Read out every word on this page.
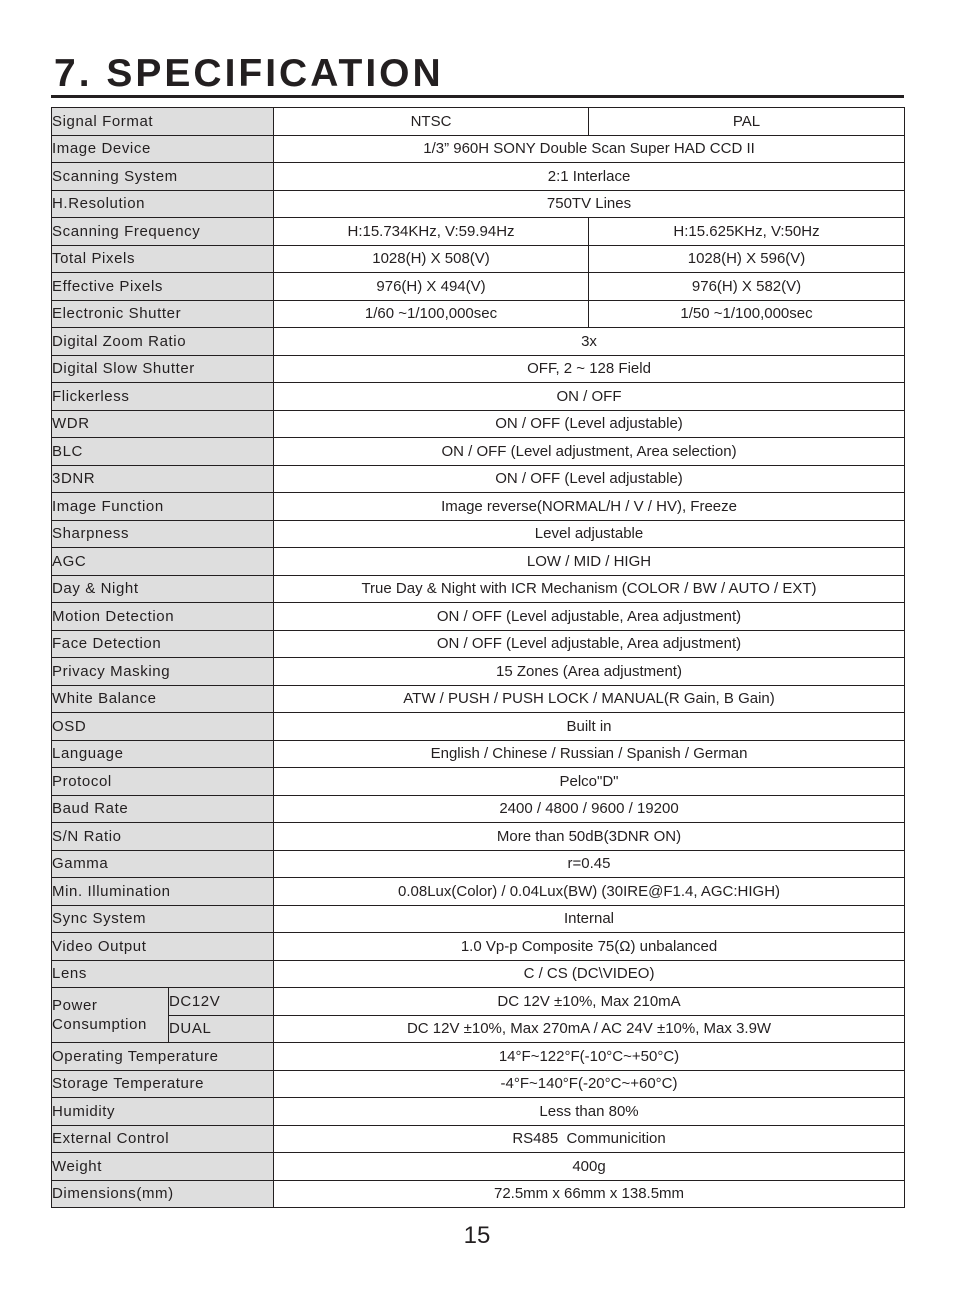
7. SPECIFICATION
Signal Format		NTSC	PAL
Image Device		1/3” 960H SONY Double Scan Super HAD CCD II	
Scanning System		2:1 Interlace	
H.Resolution		750TV Lines	
Scanning Frequency		H:15.734KHz, V:59.94Hz	H:15.625KHz, V:50Hz
Total Pixels		1028(H) X 508(V)	1028(H) X 596(V)
Effective Pixels		976(H) X 494(V)	976(H) X 582(V)
Electronic Shutter		1/60 ~1/100,000sec	1/50 ~1/100,000sec
Digital Zoom Ratio		3x	
Digital Slow Shutter		OFF, 2 ~ 128 Field	
Flickerless		ON / OFF	
WDR		ON / OFF (Level adjustable)	
BLC		ON / OFF (Level adjustment, Area selection)	
3DNR		ON / OFF (Level adjustable)	
Image Function		Image reverse(NORMAL/H / V / HV), Freeze	
Sharpness		Level adjustable	
AGC		LOW / MID / HIGH	
Day & Night		True Day & Night with ICR Mechanism (COLOR / BW / AUTO / EXT)	
Motion Detection		ON / OFF (Level adjustable, Area adjustment)	
Face Detection		ON / OFF (Level adjustable, Area adjustment)	
Privacy Masking		15 Zones (Area adjustment)	
White Balance		ATW / PUSH / PUSH LOCK / MANUAL(R Gain, B Gain)	
OSD		Built in	
Language		English / Chinese / Russian / Spanish / German	
Protocol		Pelco"D"	
Baud Rate		2400 / 4800 / 9600 / 19200	
S/N Ratio		More than 50dB(3DNR ON)	
Gamma		r=0.45	
Min. Illumination		0.08Lux(Color) / 0.04Lux(BW) (30IRE@F1.4, AGC:HIGH)	
Sync System		Internal	
Video Output		1.0 Vp-p Composite 75(Ω) unbalanced	
Lens		C / CS (DC\VIDEO)	

Power
Consumption	DC12V	DC 12V ±10%, Max 210mA	
	DUAL	DC 12V ±10%, Max 270mA / AC 24V ±10%, Max 3.9W	
Operating Temperature		14°F~122°F(-10°C~+50°C)	
Storage Temperature		-4°F~140°F(-20°C~+60°C)	
Humidity		Less than 80%	
External Control		RS485  Communicition	
Weight		400g	
Dimensions(mm)		72.5mm x 66mm x 138.5mm	
15
